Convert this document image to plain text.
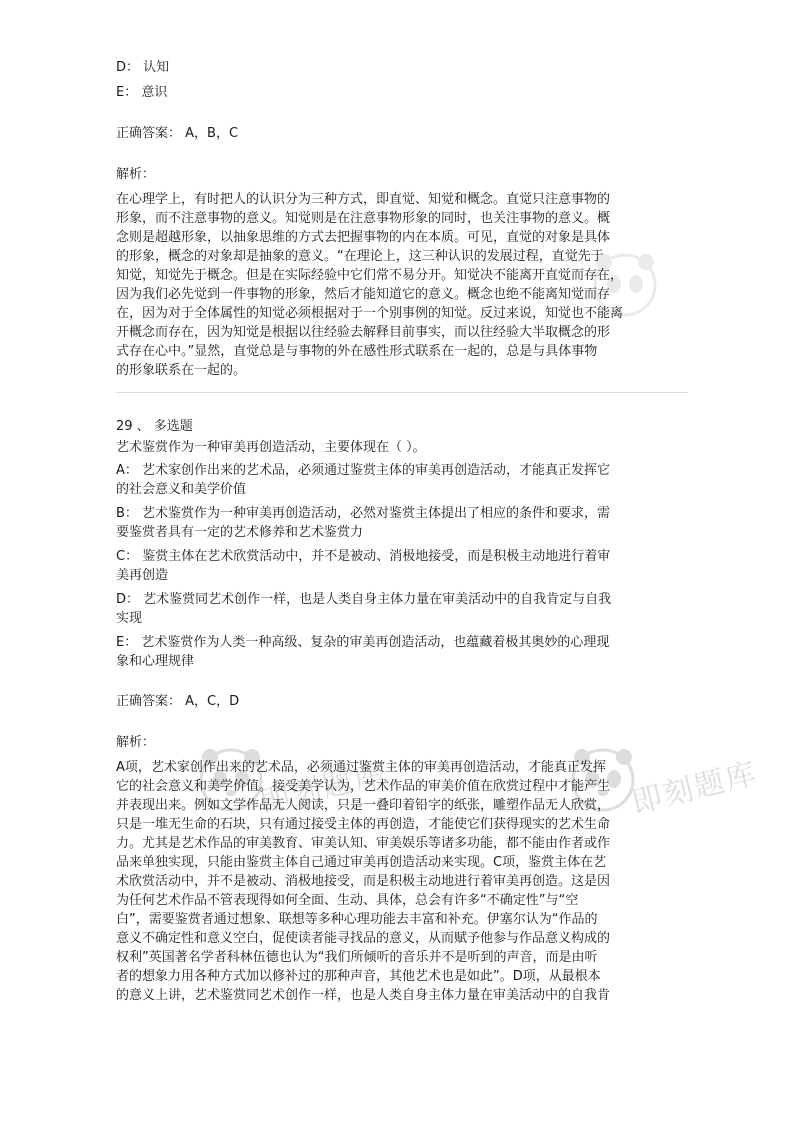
即刻题库	即刻题库

D： 认知

E： 意识

正确答案： A，B，C

解析：

在心理学上，有时把人的认识分为三种方式，即直觉、知觉和概念。直觉只注意事物的

形象，而不注意事物的意义。知觉则是在注意事物形象的同时，也关注事物的意义。概

念则是超越形象，以抽象思维的方式去把握事物的内在本质。可见，直觉的对象是具体

的形象，概念的对象却是抽象的意义。“在理论上，这三种认识的发展过程，直觉先于

知觉，知觉先于概念。但是在实际经验中它们常不易分开。知觉决不能离开直觉而存在，

因为我们必先觉到一件事物的形象，然后才能知道它的意义。概念也绝不能离知觉而存

在，因为对于全体属性的知觉必须根据对于一个别事例的知觉。反过来说，知觉也不能离

开概念而存在，因为知觉是根据以往经验去解释目前事实，而以往经验大半取概念的形

式存在心中。”显然，直觉总是与事物的外在感性形式联系在一起的，总是与具体事物

的形象联系在一起的。

29 、 多选题

艺术鉴赏作为一种审美再创造活动，主要体现在（ ）。

A： 艺术家创作出来的艺术品，必须通过鉴赏主体的审美再创造活动，才能真正发挥它

的社会意义和美学价值

B： 艺术鉴赏作为一种审美再创造活动，必然对鉴赏主体提出了相应的条件和要求，需

要鉴赏者具有一定的艺术修养和艺术鉴赏力

C： 鉴赏主体在艺术欣赏活动中，并不是被动、消极地接受，而是积极主动地进行着审

美再创造

D： 艺术鉴赏同艺术创作一样，也是人类自身主体力量在审美活动中的自我肯定与自我

实现

E： 艺术鉴赏作为人类一种高级、复杂的审美再创造活动，也蕴藏着极其奥妙的心理现

象和心理规律

正确答案： A，C，D

解析：

A项，艺术家创作出来的艺术品，必须通过鉴赏主体的审美再创造活动，才能真正发挥

它的社会意义和美学价值。接受美学认为，艺术作品的审美价值在欣赏过程中才能产生

并表现出来。例如文学作品无人阅读，只是一叠印着铅字的纸张，雕塑作品无人欣赏，

只是一堆无生命的石块，只有通过接受主体的再创造，才能使它们获得现实的艺术生命

力。尤其是艺术作品的审美教育、审美认知、审美娱乐等诸多功能，都不能由作者或作

品来单独实现，只能由鉴赏主体自己通过审美再创造活动来实现。C项，鉴赏主体在艺

术欣赏活动中，并不是被动、消极地接受，而是积极主动地进行着审美再创造。这是因

为任何艺术作品不管表现得如何全面、生动、具体，总会有许多“不确定性”与“空

白”，需要鉴赏者通过想象、联想等多种心理功能去丰富和补充。伊塞尔认为“作品的

意义不确定性和意义空白，促使读者能寻找品的意义，从而赋予他参与作品意义构成的

权利”英国著名学者科林伍德也认为“我们所倾听的音乐并不是听到的声音，而是由听

者的想象力用各种方式加以修补过的那种声音，其他艺术也是如此”。D项，从最根本

的意义上讲，艺术鉴赏同艺术创作一样，也是人类自身主体力量在审美活动中的自我肯
